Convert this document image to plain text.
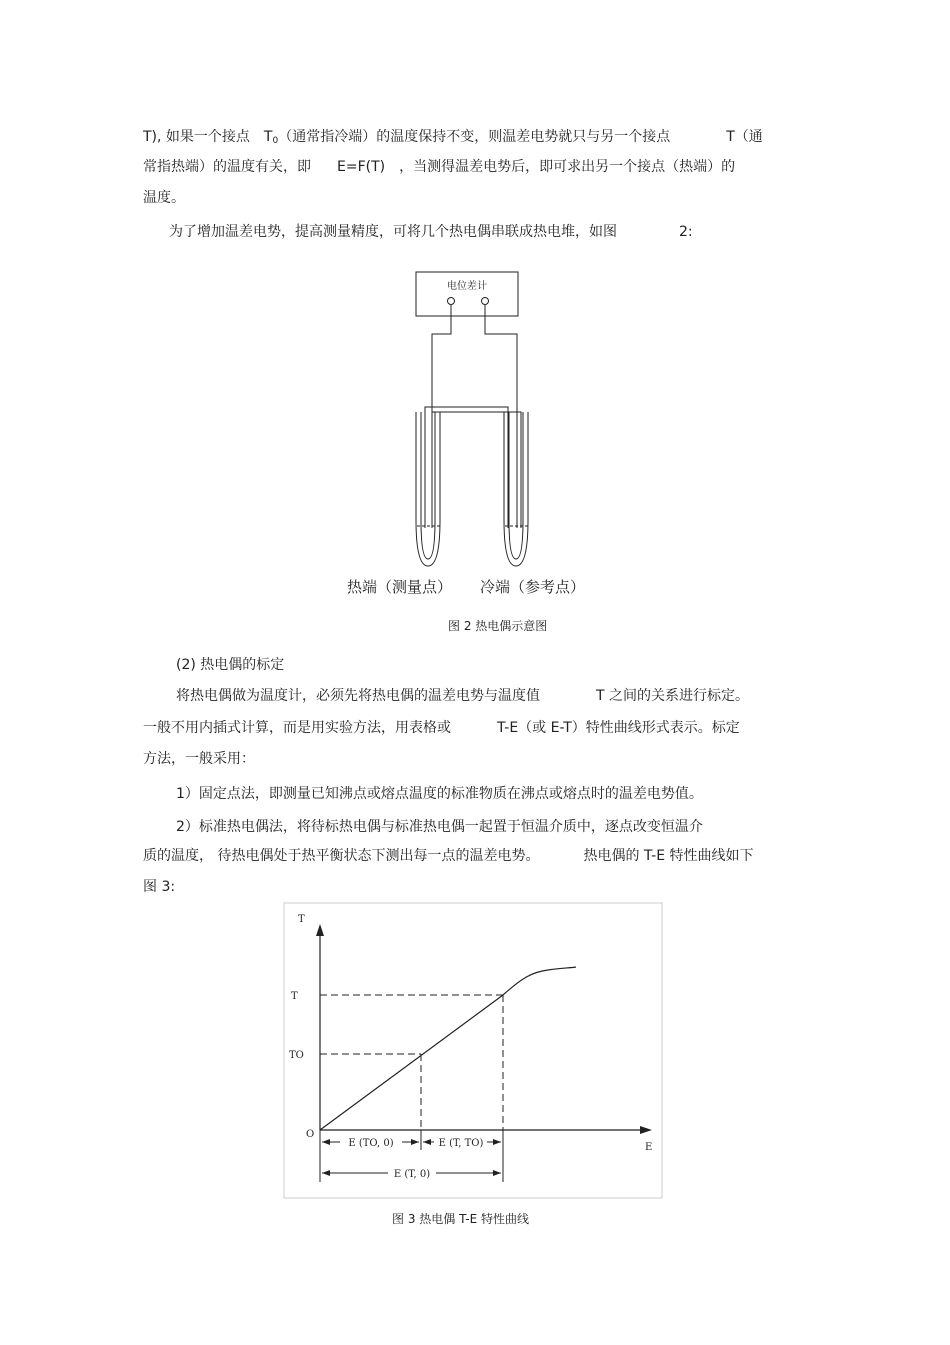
T), 如果一个接点 $T_0$（通常指冷端）的温度保持不变，则温差电势就只与另一个接点	T（通
常指热端）的温度有关，即 E=F(T) ，当测得温差电势后，即可求出另一个接点（热端）的
温度。
为了增加温差电势，提高测量精度，可将几个热电偶串联成热电堆，如图	2:
电位差计
热端（测量点） 冷端（参考点）
图 2 热电偶示意图
(2) 热电偶的标定
将热电偶做为温度计，必须先将热电偶的温差电势与温度值	T 之间的关系进行标定。
一般不用内插式计算，而是用实验方法，用表格或	T-E（或 E-T）特性曲线形式表示。标定
方法，一般采用：
1）固定点法，即测量已知沸点或熔点温度的标准物质在沸点或熔点时的温差电势值。
2）标准热电偶法，将待标热电偶与标准热电偶一起置于恒温介质中，逐点改变恒温介
质的温度， 待热电偶处于热平衡状态下测出每一点的温差电势。	热电偶的 T-E 特性曲线如下
图 3:
T
E
O
T
TO
E (TO, 0)	E (T, TO)
E (T, 0)
图 3 热电偶 T-E 特性曲线
